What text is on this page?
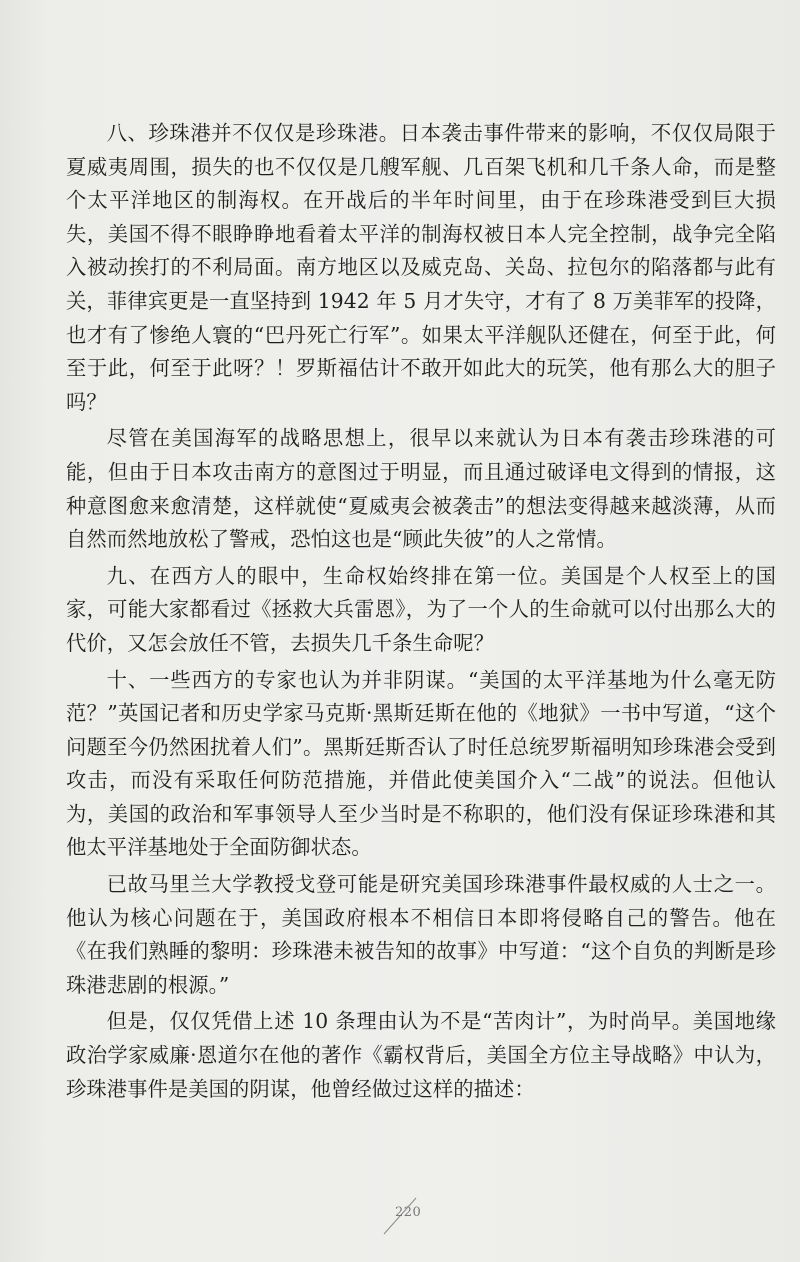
八、珍珠港并不仅仅是珍珠港。日本袭击事件带来的影响，不仅仅局限于夏威夷周围，损失的也不仅仅是几艘军舰、几百架飞机和几千条人命，而是整个太平洋地区的制海权。在开战后的半年时间里，由于在珍珠港受到巨大损失，美国不得不眼睁睁地看着太平洋的制海权被日本人完全控制，战争完全陷入被动挨打的不利局面。南方地区以及威克岛、关岛、拉包尔的陷落都与此有关，菲律宾更是一直坚持到 1942 年 5 月才失守，才有了 8 万美菲军的投降，也才有了惨绝人寰的“巴丹死亡行军”。如果太平洋舰队还健在，何至于此，何至于此，何至于此呀？！罗斯福估计不敢开如此大的玩笑，他有那么大的胆子吗？

尽管在美国海军的战略思想上，很早以来就认为日本有袭击珍珠港的可能，但由于日本攻击南方的意图过于明显，而且通过破译电文得到的情报，这种意图愈来愈清楚，这样就使“夏威夷会被袭击”的想法变得越来越淡薄，从而自然而然地放松了警戒，恐怕这也是“顾此失彼”的人之常情。

九、在西方人的眼中，生命权始终排在第一位。美国是个人权至上的国家，可能大家都看过《拯救大兵雷恩》，为了一个人的生命就可以付出那么大的代价，又怎会放任不管，去损失几千条生命呢？

十、一些西方的专家也认为并非阴谋。“美国的太平洋基地为什么毫无防范？”英国记者和历史学家马克斯·黑斯廷斯在他的《地狱》一书中写道，“这个问题至今仍然困扰着人们”。黑斯廷斯否认了时任总统罗斯福明知珍珠港会受到攻击，而没有采取任何防范措施，并借此使美国介入“二战”的说法。但他认为，美国的政治和军事领导人至少当时是不称职的，他们没有保证珍珠港和其他太平洋基地处于全面防御状态。

已故马里兰大学教授戈登可能是研究美国珍珠港事件最权威的人士之一。他认为核心问题在于，美国政府根本不相信日本即将侵略自己的警告。他在《在我们熟睡的黎明：珍珠港未被告知的故事》中写道：“这个自负的判断是珍珠港悲剧的根源。”

但是，仅仅凭借上述 10 条理由认为不是“苦肉计”，为时尚早。美国地缘政治学家威廉·恩道尔在他的著作《霸权背后，美国全方位主导战略》中认为，珍珠港事件是美国的阴谋，他曾经做过这样的描述：

220
